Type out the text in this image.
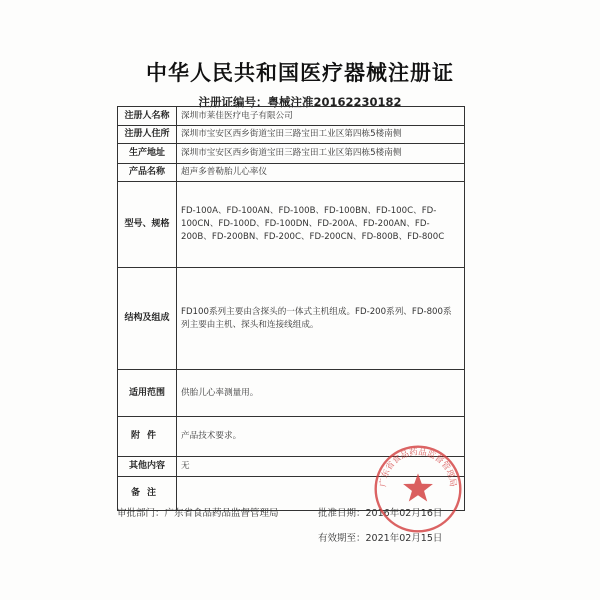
中华人民共和国医疗器械注册证
注册证编号：粤械注准20162230182
注册人名称	深圳市莱佳医疗电子有限公司
注册人住所	深圳市宝安区西乡街道宝田三路宝田工业区第四栋5楼南侧
生产地址	深圳市宝安区西乡街道宝田三路宝田工业区第四栋5楼南侧
产品名称	超声多普勒胎儿心率仪
型号、规格	FD-100A、FD-100AN、FD-100B、FD-100BN、FD-100C、FD-100CN、FD-100D、FD-100DN、FD-200A、FD-200AN、FD-200B、FD-200BN、FD-200C、FD-200CN、FD-800B、FD-800C
结构及组成	FD100系列主要由含探头的一体式主机组成。FD-200系列、FD-800系列主要由主机、探头和连接线组成。
适用范围	供胎儿心率测量用。
附件	产品技术要求。
其他内容	无
备注	
审批部门：广东省食品药品监督管理局	批准日期：2016年02月16日
有效期至：2021年02月15日
广东省食品药品监督管理局
